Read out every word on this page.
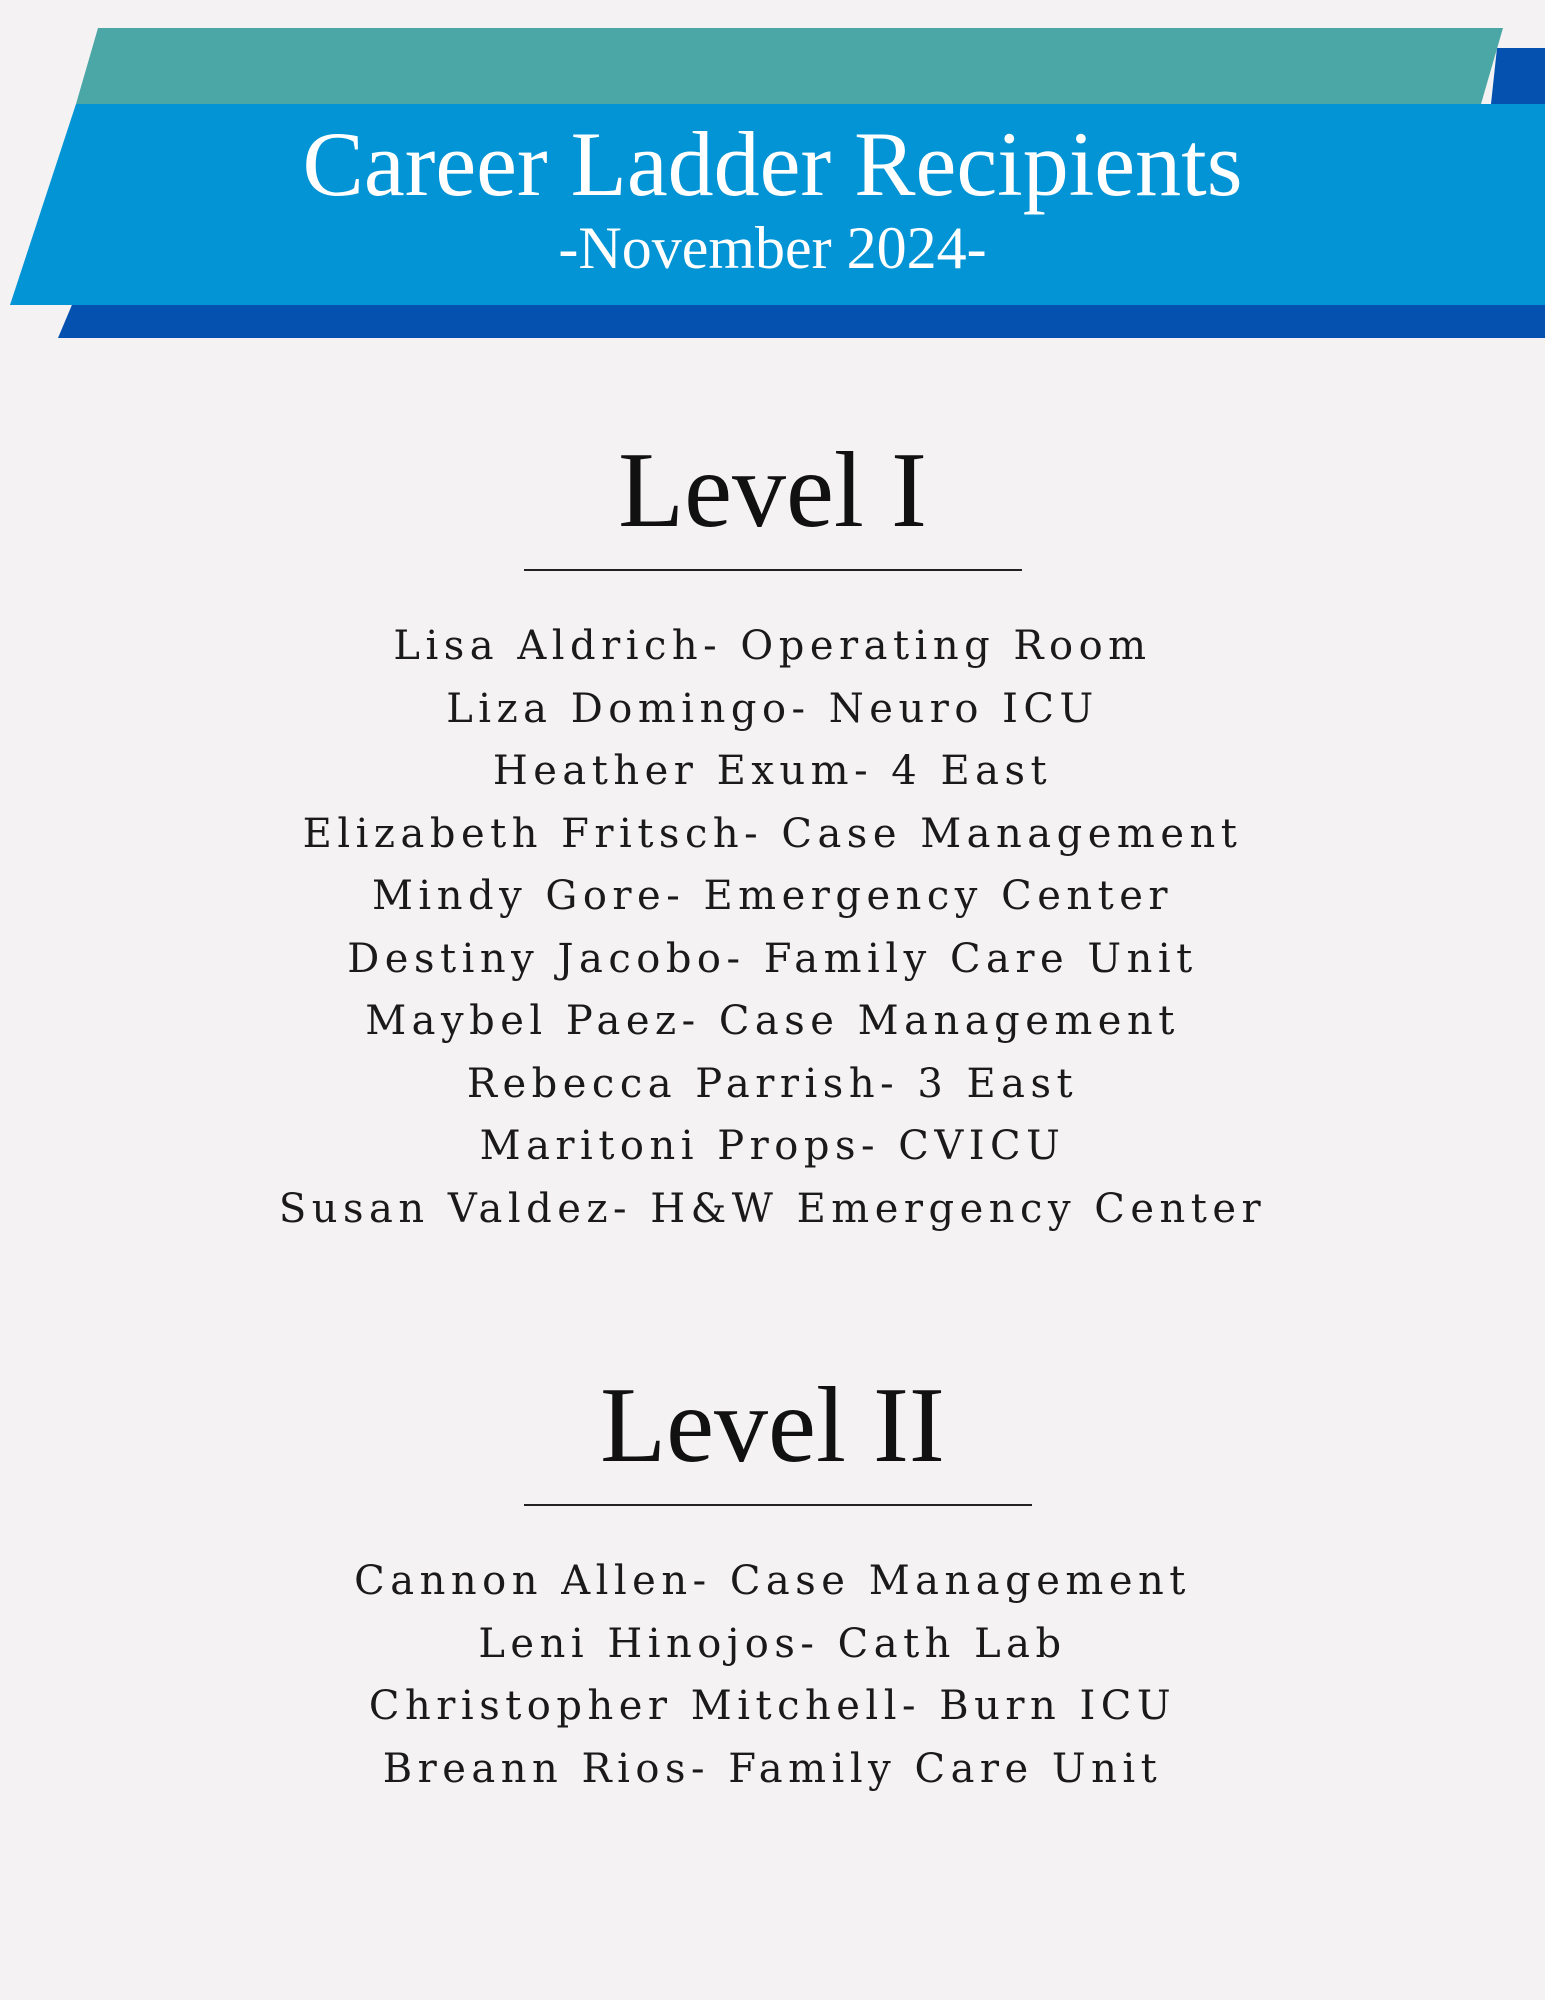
Career Ladder Recipients
-November 2024-
Level I
Lisa Aldrich- Operating Room
Liza Domingo- Neuro ICU
Heather Exum- 4 East
Elizabeth Fritsch- Case Management
Mindy Gore- Emergency Center
Destiny Jacobo- Family Care Unit
Maybel Paez- Case Management
Rebecca Parrish- 3 East
Maritoni Props- CVICU
Susan Valdez- H&W Emergency Center
Level II
Cannon Allen- Case Management
Leni Hinojos- Cath Lab
Christopher Mitchell- Burn ICU
Breann Rios- Family Care Unit
